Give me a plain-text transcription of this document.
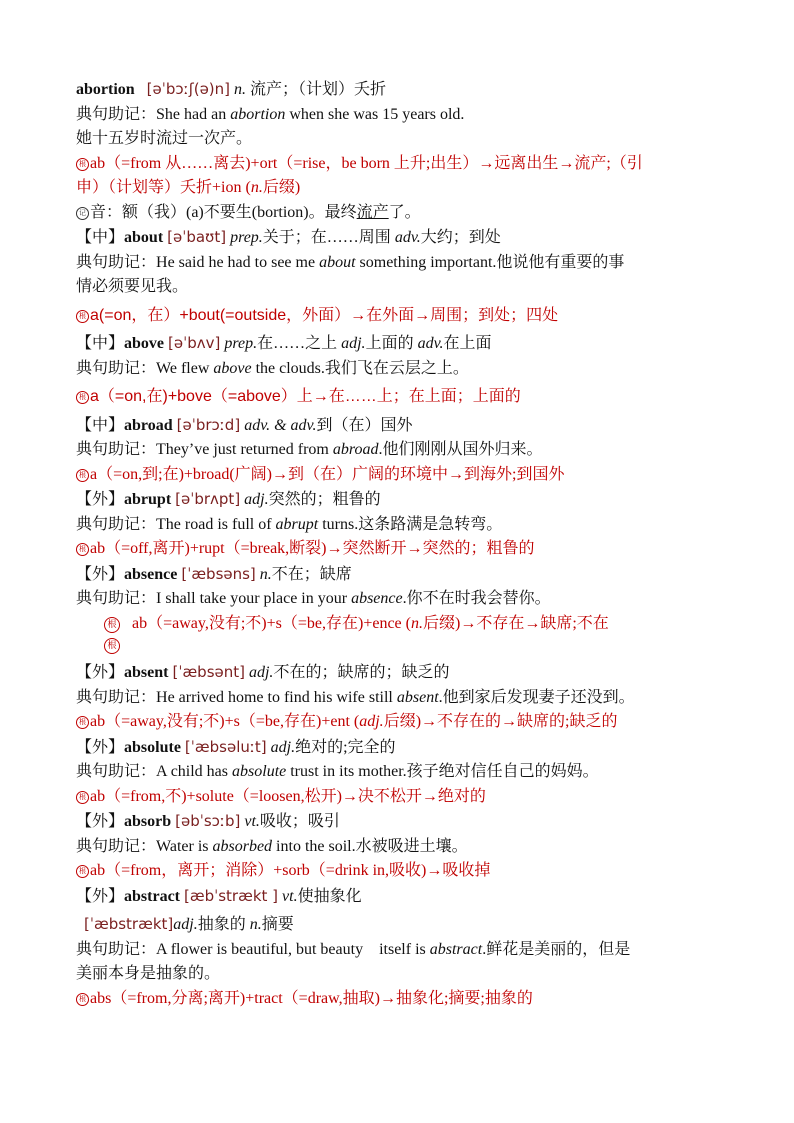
abortion [əˈbɔːʃ(ə)n] n. 流产；（计划）夭折
典句助记：She had an abortion when she was 15 years old.
她十五岁时流过一次产。
根 ab（=from 从……离去)+ort（=rise，be born 上升;出生）→远离出生→流产;（引
申）（计划等）夭折+ion (n.后缀)
记 音：额（我）(a)不要生(bortion)。最终流产了。
【中】about [əˈbaʊt] prep.关于；在……周围 adv.大约；到处
典句助记：He said he had to see me about something important.他说他有重要的事
情必须要见我。
根 a(=on，在）+bout(=outside，外面）→在外面→周围；到处；四处
【中】above [əˈbʌv] prep.在……之上 adj.上面的 adv.在上面
典句助记：We flew above the clouds.我们飞在云层之上。
根 a（=on,在)+bove（=above）上→在……上；在上面；上面的
【中】abroad [əˈbrɔːd] adv. & adv.到（在）国外
典句助记：They’ve just returned from abroad.他们刚刚从国外归来。
根 a（=on,到;在)+broad(广阔)→到（在）广阔的环境中→到海外;到国外
【外】abrupt [əˈbrʌpt] adj.突然的；粗鲁的
典句助记：The road is full of abrupt turns.这条路满是急转弯。
根 ab（=off,离开)+rupt（=break,断裂)→突然断开→突然的；粗鲁的
【外】absence [ˈæbsəns] n.不在；缺席
典句助记：I shall take your place in your absence.你不在时我会替你。
根 ab（=away,没有;不)+s（=be,存在)+ence (n.后缀)→不存在→缺席;不在
根
【外】absent [ˈæbsənt] adj.不在的；缺席的；缺乏的
典句助记：He arrived home to find his wife still absent.他到家后发现妻子还没到。
根 ab（=away,没有;不)+s（=be,存在)+ent (adj.后缀)→不存在的→缺席的;缺乏的
【外】absolute [ˈæbsəluːt] adj.绝对的;完全的
典句助记：A child has absolute trust in its mother.孩子绝对信任自己的妈妈。
根 ab（=from,不)+solute（=loosen,松开)→决不松开→绝对的
【外】absorb [əbˈsɔːb] vt.吸收；吸引
典句助记：Water is absorbed into the soil.水被吸进土壤。
根 ab（=from，离开；消除）+sorb（=drink in,吸收)→吸收掉
【外】abstract [æbˈstrækt ] vt.使抽象化
[ˈæbstrækt]adj.抽象的 n.摘要
典句助记：A flower is beautiful, but beauty    itself is abstract.鲜花是美丽的，但是
美丽本身是抽象的。
根 abs（=from,分离;离开)+tract（=draw,抽取)→抽象化;摘要;抽象的
